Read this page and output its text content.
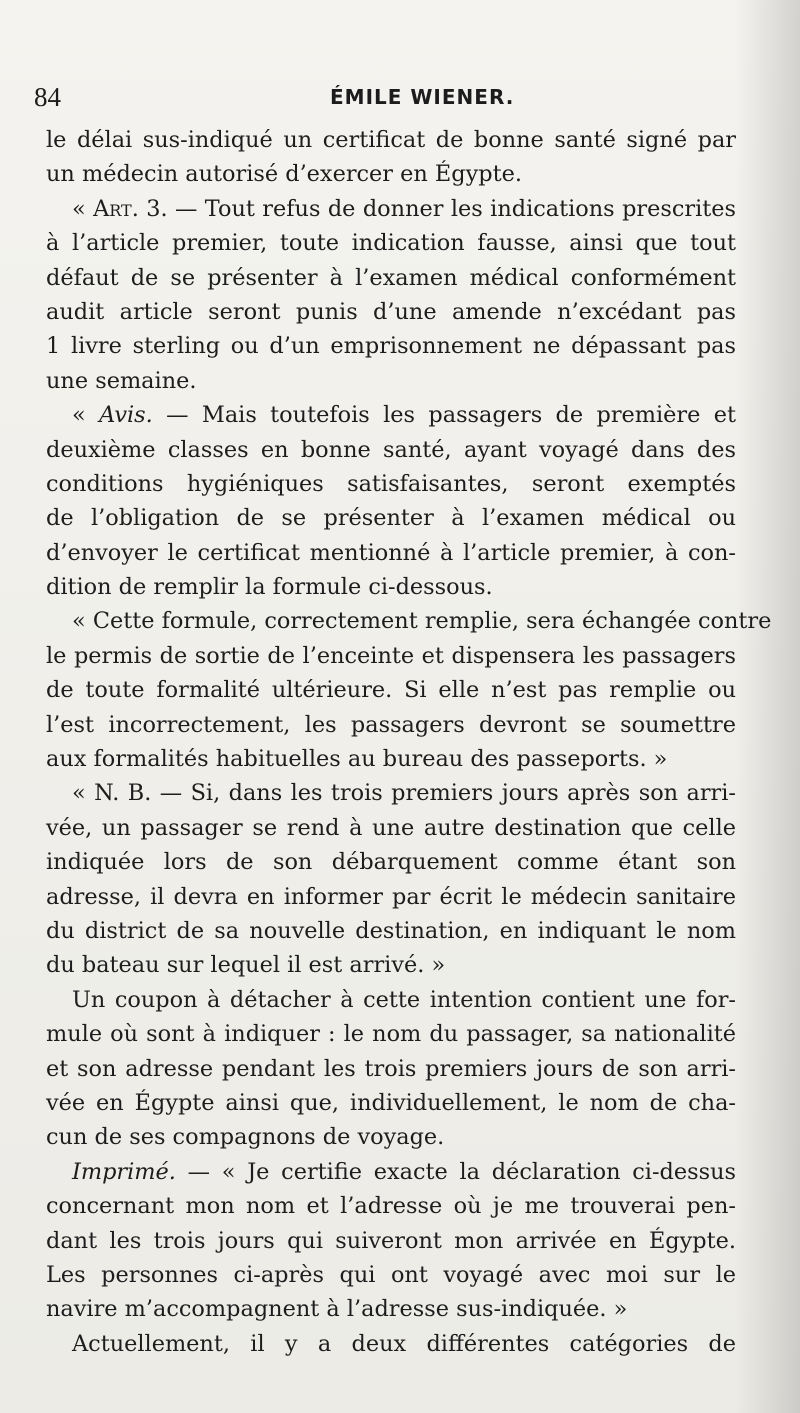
84	ÉMILE WIENER.
le délai sus-indiqué un certificat de bonne santé signé par
un médecin autorisé d’exercer en Égypte.
« Art. 3. — Tout refus de donner les indications prescrites
à l’article premier, toute indication fausse, ainsi que tout
défaut de se présenter à l’examen médical conformément
audit article seront punis d’une amende n’excédant pas
1 livre sterling ou d’un emprisonnement ne dépassant pas
une semaine.
« Avis. — Mais toutefois les passagers de première et
deuxième classes en bonne santé, ayant voyagé dans des
conditions hygiéniques satisfaisantes, seront exemptés
de l’obligation de se présenter à l’examen médical ou
d’envoyer le certificat mentionné à l’article premier, à con-
dition de remplir la formule ci-dessous.
« Cette formule, correctement remplie, sera échangée contre
le permis de sortie de l’enceinte et dispensera les passagers
de toute formalité ultérieure. Si elle n’est pas remplie ou
l’est incorrectement, les passagers devront se soumettre
aux formalités habituelles au bureau des passeports. »
« N. B. — Si, dans les trois premiers jours après son arri-
vée, un passager se rend à une autre destination que celle
indiquée lors de son débarquement comme étant son
adresse, il devra en informer par écrit le médecin sanitaire
du district de sa nouvelle destination, en indiquant le nom
du bateau sur lequel il est arrivé. »
Un coupon à détacher à cette intention contient une for-
mule où sont à indiquer : le nom du passager, sa nationalité
et son adresse pendant les trois premiers jours de son arri-
vée en Égypte ainsi que, individuellement, le nom de cha-
cun de ses compagnons de voyage.
Imprimé. — « Je certifie exacte la déclaration ci-dessus
concernant mon nom et l’adresse où je me trouverai pen-
dant les trois jours qui suiveront mon arrivée en Égypte.
Les personnes ci-après qui ont voyagé avec moi sur le
navire m’accompagnent à l’adresse sus-indiquée. »
Actuellement, il y a deux différentes catégories de
